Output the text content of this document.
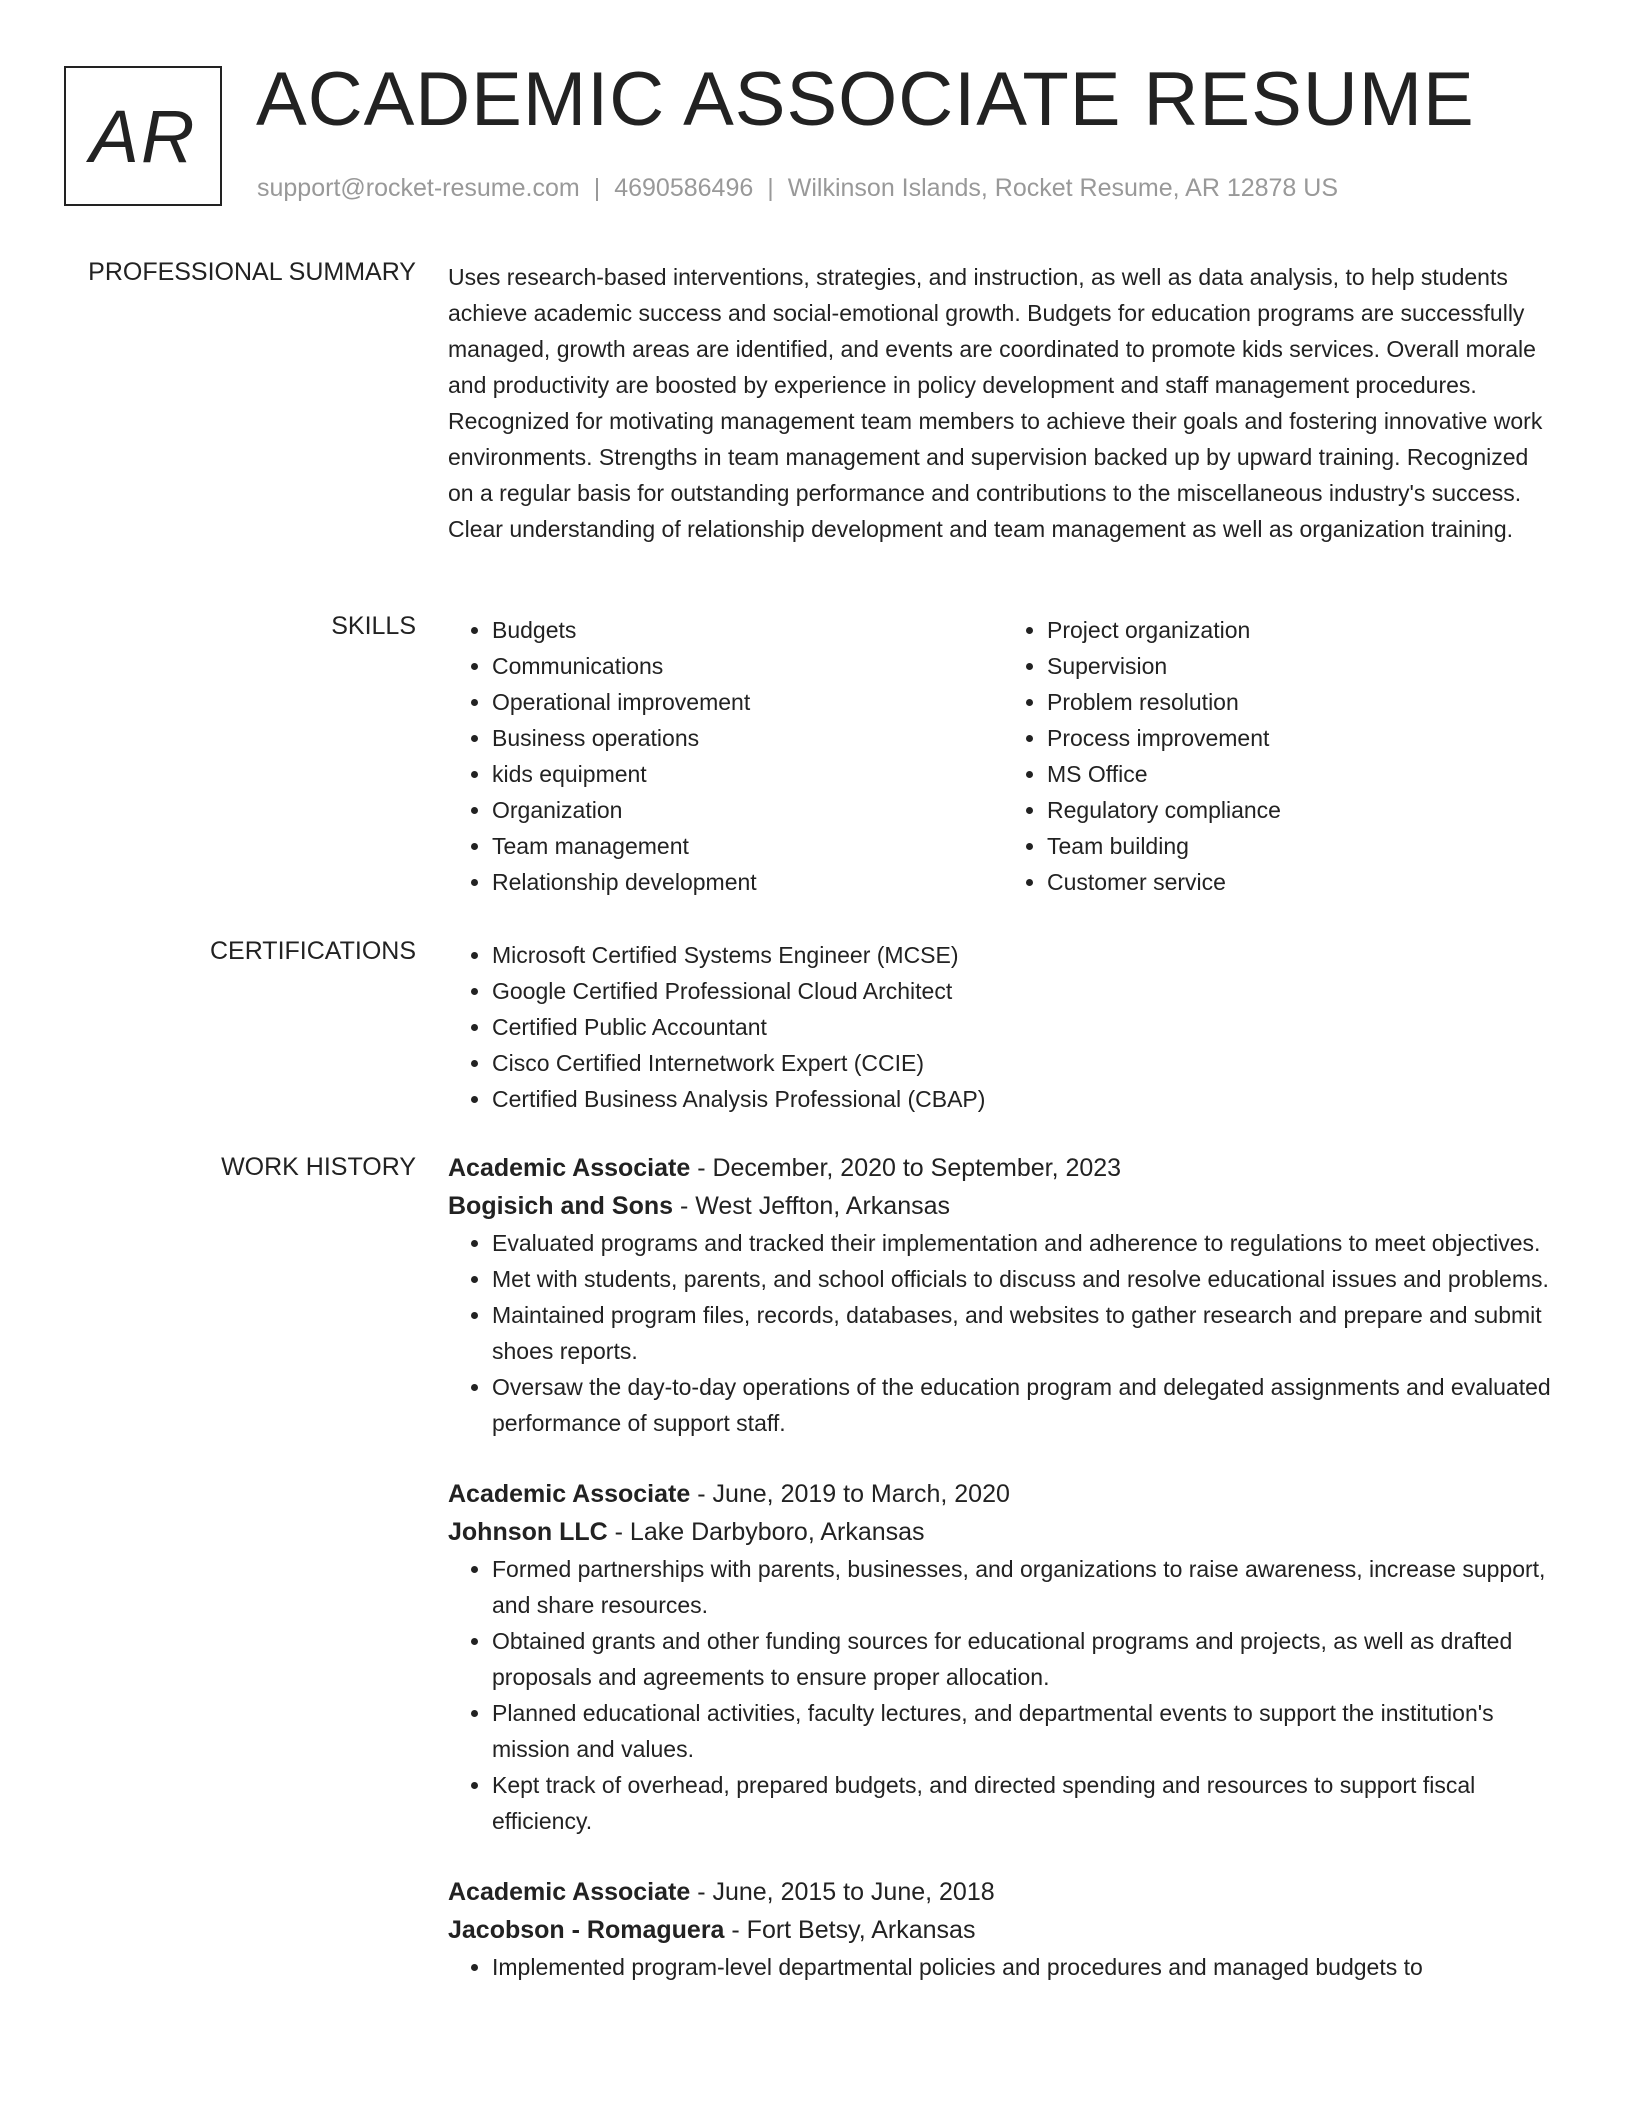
AR ACADEMIC ASSOCIATE RESUME
support@rocket-resume.com | 4690586496 | Wilkinson Islands, Rocket Resume, AR 12878 US
PROFESSIONAL SUMMARY Uses research-based interventions, strategies, and instruction, as well as data analysis, to help students achieve academic success and social-emotional growth. Budgets for education programs are successfully managed, growth areas are identified, and events are coordinated to promote kids services. Overall morale and productivity are boosted by experience in policy development and staff management procedures. Recognized for motivating management team members to achieve their goals and fostering innovative work environments. Strengths in team management and supervision backed up by upward training. Recognized on a regular basis for outstanding performance and contributions to the miscellaneous industry's success. Clear understanding of relationship development and team management as well as organization training.

SKILLS	• Budgets
• Communications
• Operational improvement
• Business operations
• kids equipment
• Organization
• Team management
• Relationship development
• Project organization
• Supervision
• Problem resolution
• Process improvement
• MS Office
• Regulatory compliance
• Team building
• Customer service
CERTIFICATIONS	• Microsoft Certified Systems Engineer (MCSE)
• Google Certified Professional Cloud Architect
• Certified Public Accountant
• Cisco Certified Internetwork Expert (CCIE)
• Certified Business Analysis Professional (CBAP)
WORK HISTORY Academic Associate - December, 2020 to September, 2023
Bogisich and Sons - West Jeffton, Arkansas
• Evaluated programs and tracked their implementation and adherence to regulations to meet objectives.
• Met with students, parents, and school officials to discuss and resolve educational issues and problems.
• Maintained program files, records, databases, and websites to gather research and prepare and submit shoes reports.
• Oversaw the day-to-day operations of the education program and delegated assignments and evaluated performance of support staff.
Academic Associate - June, 2019 to March, 2020
Johnson LLC - Lake Darbyboro, Arkansas
• Formed partnerships with parents, businesses, and organizations to raise awareness, increase support, and share resources.
• Obtained grants and other funding sources for educational programs and projects, as well as drafted proposals and agreements to ensure proper allocation.
• Planned educational activities, faculty lectures, and departmental events to support the institution's mission and values.
• Kept track of overhead, prepared budgets, and directed spending and resources to support fiscal efficiency.
Academic Associate - June, 2015 to June, 2018
Jacobson - Romaguera - Fort Betsy, Arkansas
• Implemented program-level departmental policies and procedures and managed budgets to
